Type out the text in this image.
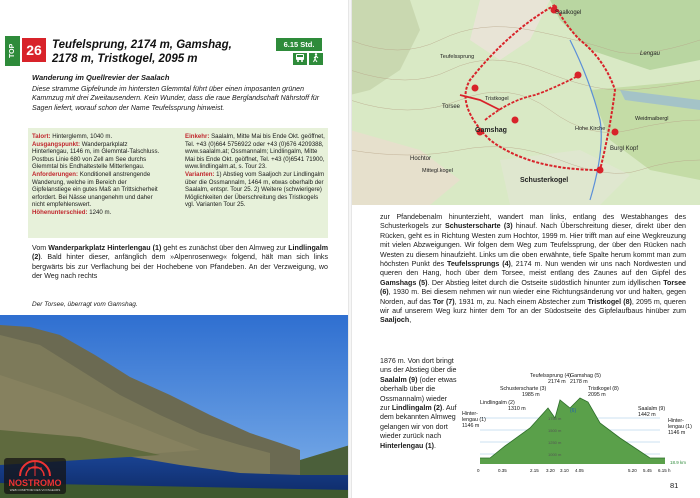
TOP 26 Teufelsprung, 2174 m, Gamshag,
2178 m, Tristkogel, 2095 m
6.15 Std.
Wanderung im Quellrevier der Saalach
Diese stramme Gipfelrunde im hintersten Glemmtal führt über einen imposanten grünen Kammzug mit drei Zweitausendern. Kein Wunder, dass die raue Berglandschaft Nährstoff für Sagen liefert, worauf schon der Name Teufelssprung hinweist.

Talort: Hinterglemm, 1040 m.

Ausgangspunkt: Wanderparkplatz Hinterlengau, 1146 m, im Glemmtal-Talschluss. Postbus Linie 680 von Zell am See durchs Glemmtal bis Endhaltestelle Mitterlengau.

Anforderungen: Konditionell anstrengende Wanderung, welche im Bereich der Gipfelanstiege ein gutes Maß an Trittsicherheit erfordert. Bei Nässe unangenehm und daher nicht empfehlenswert.

Höhenunterschied: 1240 m.

Einkehr: Saalalm, Mitte Mai bis Ende Okt. geöffnet, Tel. +43 (0)664 5756922 oder +43 (0)676 4209388, www.saalalm.at; Ossmannalm; Lindlingalm, Mitte Mai bis Ende Okt. geöffnet, Tel. +43 (0)6541 71900, www.lindlingalm.at, s. Tour 23.

Varianten: 1) Abstieg vom Saaljoch zur Lindlingalm über die Ossmannalm, 1464 m, etwas oberhalb der Saalalm, entspr. Tour 25. 2) Weitere (schwierigere) Möglichkeiten der Überschreitung des Tristkogels vgl. Varianten Tour 25.

Vom Wanderparkplatz Hinterlengau (1) geht es zunächst über den Almweg zur Lindlingalm (2). Bald hinter dieser, anfänglich dem »Alpenrosenweg« folgend, hält man sich links bergwärts bis zur Verflachung bei der Hochebene von Pfandeben. An der Verzweigung, wo der Weg nach rechts
Der Torsee, überragt vom Gamshag.
NOSTROMO
WEB COMPTOIR DES VOYAGEURS
Gamshag
Saalkogel
Schusterkogel
Torsee
Lengau
Hochtor
Mittegl.kogel
Burgl Kopf
Hohe Kirche
Weidmaibergl
Tristkogel
Teufelssprung
zur Pfandebenalm hinunterzieht, wandert man links, entlang des Westabhanges des Schusterkogels zur Schusterscharte (3) hinauf. Nach Überschreitung dieser, direkt über den Rücken, geht es in Richtung Westen zum Hochtor, 1999 m. Hier trifft man auf eine Wegkreuzung mit vielen Abzweigungen. Wir folgen dem Weg zum Teufelssprung, der über den Rücken nach Westen zu diesem hinaufzieht. Links um die oben erwähnte, tiefe Spalte herum kommt man zum höchsten Punkt des Teufelssprungs (4), 2174 m. Nun wenden wir uns nach Nordwesten und queren den Hang, hoch über dem Torsee, meist entlang des Zaunes auf den Gipfel des Gamshags (5). Der Abstieg leitet durch die Ostseite südöstlich hinunter zum idyllischen Torsee (6), 1930 m. Bei diesem nehmen wir nun wieder eine Richtungsänderung vor und halten, gegen Norden, auf das Tor (7), 1931 m, zu. Nach einem Abstecher zum Tristkogel (8), 2095 m, queren wir auf unserem Weg kurz hinter dem Tor an der Südostseite des Gipfelaufbaus hinüber zum Saaljoch,
1876 m. Von dort bringt uns der Abstieg über die Saalalm (9) (oder etwas oberhalb über die Ossmannalm) wieder zur Lindlingalm (2). Auf dem bekannten Almweg gelangen wir von dort wieder zurück nach Hinterlengau (1).
1750 m
1500 m
1250 m
1000 m
Teufelssprung (4)
2174 m
Gamshag (5)
2178 m
Tristkogel (8)
2095 m
Schusterscharte (3)
1985 m
Lindlingalm (2)
1310 m
Hinter-
lengau (1)
1146 m
Saalalm (9)
1442 m
Hinter-
lengau (1)
1146 m
(6)
0	0.35	2.15 3.20 3.10 4.05	5.20 5.45 6.15 h
18.9 km
81
